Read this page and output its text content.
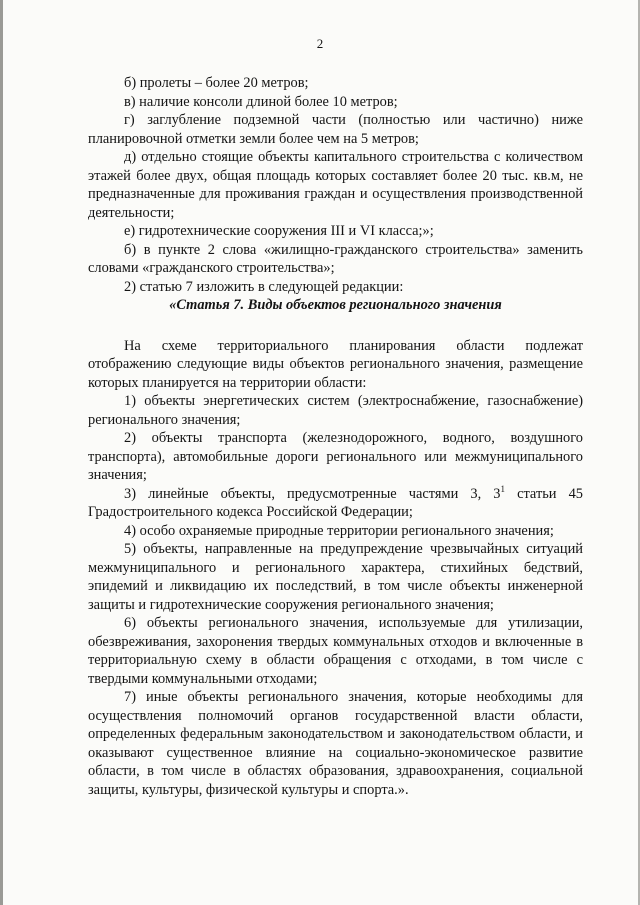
2

б) пролеты – более 20 метров;

в) наличие консоли длиной более 10 метров;

г) заглубление подземной части (полностью или частично) ниже планировочной отметки земли более чем на 5 метров;

д) отдельно стоящие объекты капитального строительства с количеством этажей более двух, общая площадь которых составляет более 20 тыс. кв.м, не предназначенные для проживания граждан и осуществления производственной деятельности;

е) гидротехнические сооружения III и VI класса;»;

б) в пункте 2 слова «жилищно-гражданского строительства» заменить словами «гражданского строительства»;

2) статью 7 изложить в следующей редакции:

«Статья 7. Виды объектов регионального значения

На схеме территориального планирования области подлежат отображению следующие виды объектов регионального значения, размещение которых планируется на территории области:

1) объекты энергетических систем (электроснабжение, газоснабжение) регионального значения;

2) объекты транспорта (железнодорожного, водного, воздушного транспорта), автомобильные дороги регионального или межмуниципального значения;

3) линейные объекты, предусмотренные частями 3, $3^1$ статьи 45 Градостроительного кодекса Российской Федерации;

4) особо охраняемые природные территории регионального значения;

5) объекты, направленные на предупреждение чрезвычайных ситуаций межмуниципального и регионального характера, стихийных бедствий, эпидемий и ликвидацию их последствий, в том числе объекты инженерной защиты и гидротехнические сооружения регионального значения;

6) объекты регионального значения, используемые для утилизации, обезвреживания, захоронения твердых коммунальных отходов и включенные в территориальную схему в области обращения с отходами, в том числе с твердыми коммунальными отходами;

7) иные объекты регионального значения, которые необходимы для осуществления полномочий органов государственной власти области, определенных федеральным законодательством и законодательством области, и оказывают существенное влияние на социально-экономическое развитие области, в том числе в областях образования, здравоохранения, социальной защиты, культуры, физической культуры и спорта.».
